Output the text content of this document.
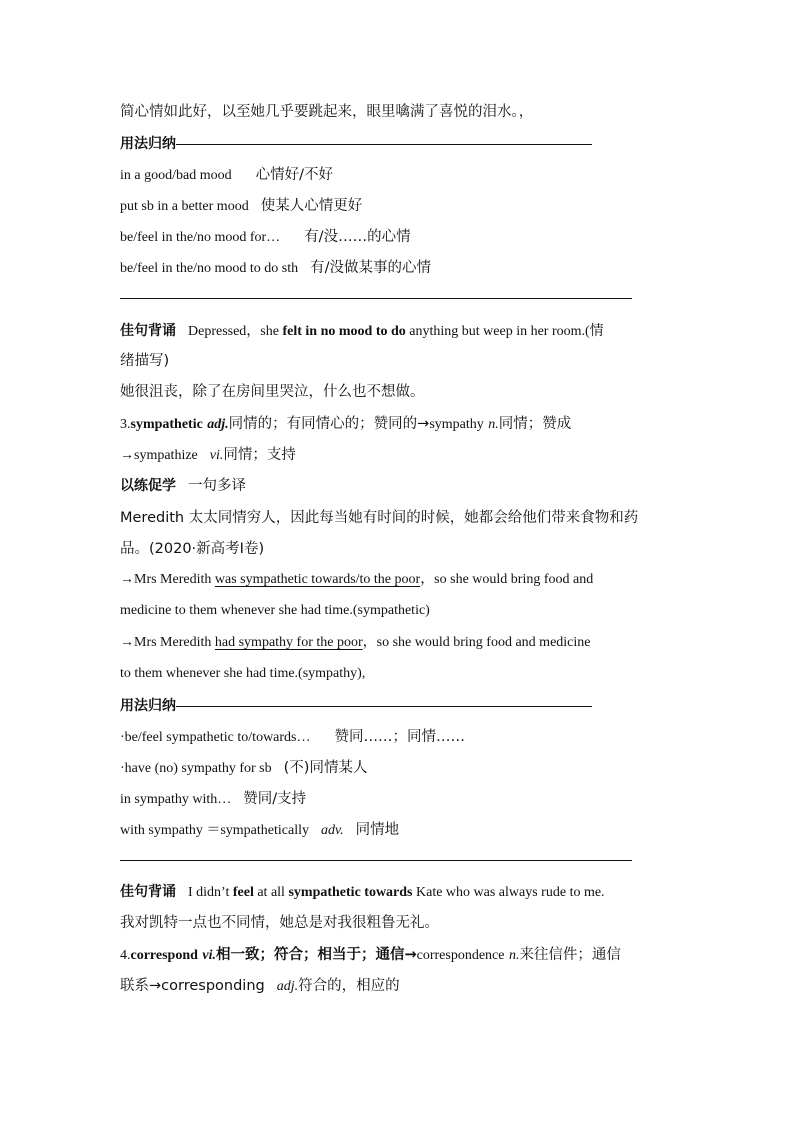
简心情如此好，以至她几乎要跳起来，眼里噙满了喜悦的泪水。，
用法归纳
in a good/bad mood 心情好/不好
put sb in a better mood 使某人心情更好
be/feel in the/no mood for… 有/没……的心情
be/feel in the/no mood to do sth 有/没做某事的心情
佳句背诵 Depressed，she felt in no mood to do anything but weep in her room.(情
绪描写)
她很沮丧，除了在房间里哭泣，什么也不想做。
3.sympathetic adj.同情的；有同情心的；赞同的→sympathy n.同情；赞成
→sympathize vi.同情；支持
以练促学 一句多译
Meredith 太太同情穷人，因此每当她有时间的时候，她都会给他们带来食物和药
品。(2020·新高考Ⅰ卷)
→Mrs Meredith was sympathetic towards/to the poor，so she would bring food and
medicine to them whenever she had time.(sympathetic)
→Mrs Meredith had sympathy for the poor，so she would bring food and medicine
to them whenever she had time.(sympathy),
用法归纳
·be/feel sympathetic to/towards… 赞同……；同情……
·have (no) sympathy for sb (不)同情某人
in sympathy with… 赞同/支持
with sympathy ＝sympathetically adv. 同情地
佳句背诵 I didn’t feel at all sympathetic towards Kate who was always rude to me.
我对凯特一点也不同情，她总是对我很粗鲁无礼。
4.correspond vi.相一致；符合；相当于；通信→correspondence n.来往信件；通信
联系→corresponding adj.符合的，相应的
